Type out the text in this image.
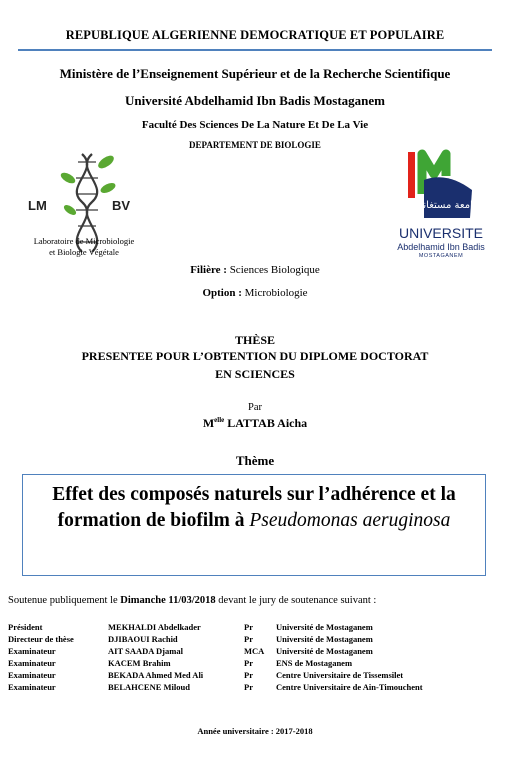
REPUBLIQUE ALGERIENNE DEMOCRATIQUE ET POPULAIRE
Ministère de l’Enseignement Supérieur et de la Recherche Scientifique
Université Abdelhamid Ibn Badis Mostaganem
Faculté Des Sciences De La Nature Et De La Vie
DEPARTEMENT DE BIOLOGIE
LM	BV
Laboratoire de Microbiologie
et Biologie Végétale
جامعة مستغانم
UNIVERSITE
Abdelhamid Ibn Badis
MOSTAGANEM
Filière : Sciences Biologique
Option : Microbiologie
THÈSE
PRESENTEE POUR L’OBTENTION DU DIPLOME DOCTORAT
EN SCIENCES
Par
$M^{elle}$ LATTAB Aicha
Thème
Effet des composés naturels sur l’adhérence et la formation de biofilm à Pseudomonas aeruginosa
Soutenue publiquement le Dimanche 11/03/2018 devant le jury de soutenance suivant :
Président	MEKHALDI Abdelkader	Pr	Université de Mostaganem
Directeur de thèse	DJIBAOUI Rachid	Pr	Université de Mostaganem
Examinateur	AIT SAADA Djamal	MCA	Université de Mostaganem
Examinateur	KACEM Brahim	Pr	ENS de Mostaganem
Examinateur	BEKADA Ahmed Med Ali	Pr	Centre Universitaire de Tissemsilet
Examinateur	BELAHCENE Miloud	Pr	Centre Universitaire de Ain-Timouchent
Année universitaire : 2017-2018
